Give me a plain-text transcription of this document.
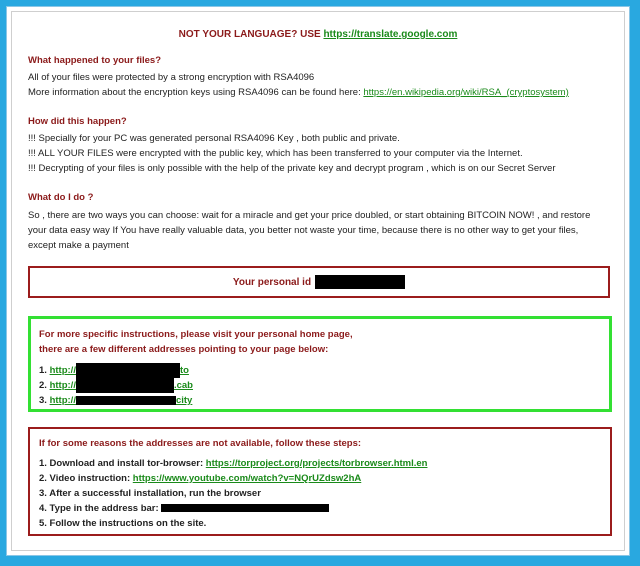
NOT YOUR LANGUAGE? USE https://translate.google.com
What happened to your files?
All of your files were protected by a strong encryption with RSA4096
More information about the encryption keys using RSA4096 can be found here: https://en.wikipedia.org/wiki/RSA_(cryptosystem)
How did this happen?
!!! Specially for your PC was generated personal RSA4096 Key , both public and private.
!!! ALL YOUR FILES were encrypted with the public key, which has been transferred to your computer via the Internet.
!!! Decrypting of your files is only possible with the help of the private key and decrypt program , which is on our Secret Server
What do I do ?
So , there are two ways you can choose: wait for a miracle and get your price doubled, or start obtaining BITCOIN NOW! , and restore
your data easy way If You have really valuable data, you better not waste your time, because there is no other way to get your files,
except make a payment
Your personal id
For more specific instructions, please visit your personal home page,
there are a few different addresses pointing to your page below:
1. http://	to
2. http://	.cab
3. http://	city
If for some reasons the addresses are not available, follow these steps:
1. Download and install tor-browser: https://torproject.org/projects/torbrowser.html.en
2. Video instruction: https://www.youtube.com/watch?v=NQrUZdsw2hA
3. After a successful installation, run the browser
4. Type in the address bar:
5. Follow the instructions on the site.
